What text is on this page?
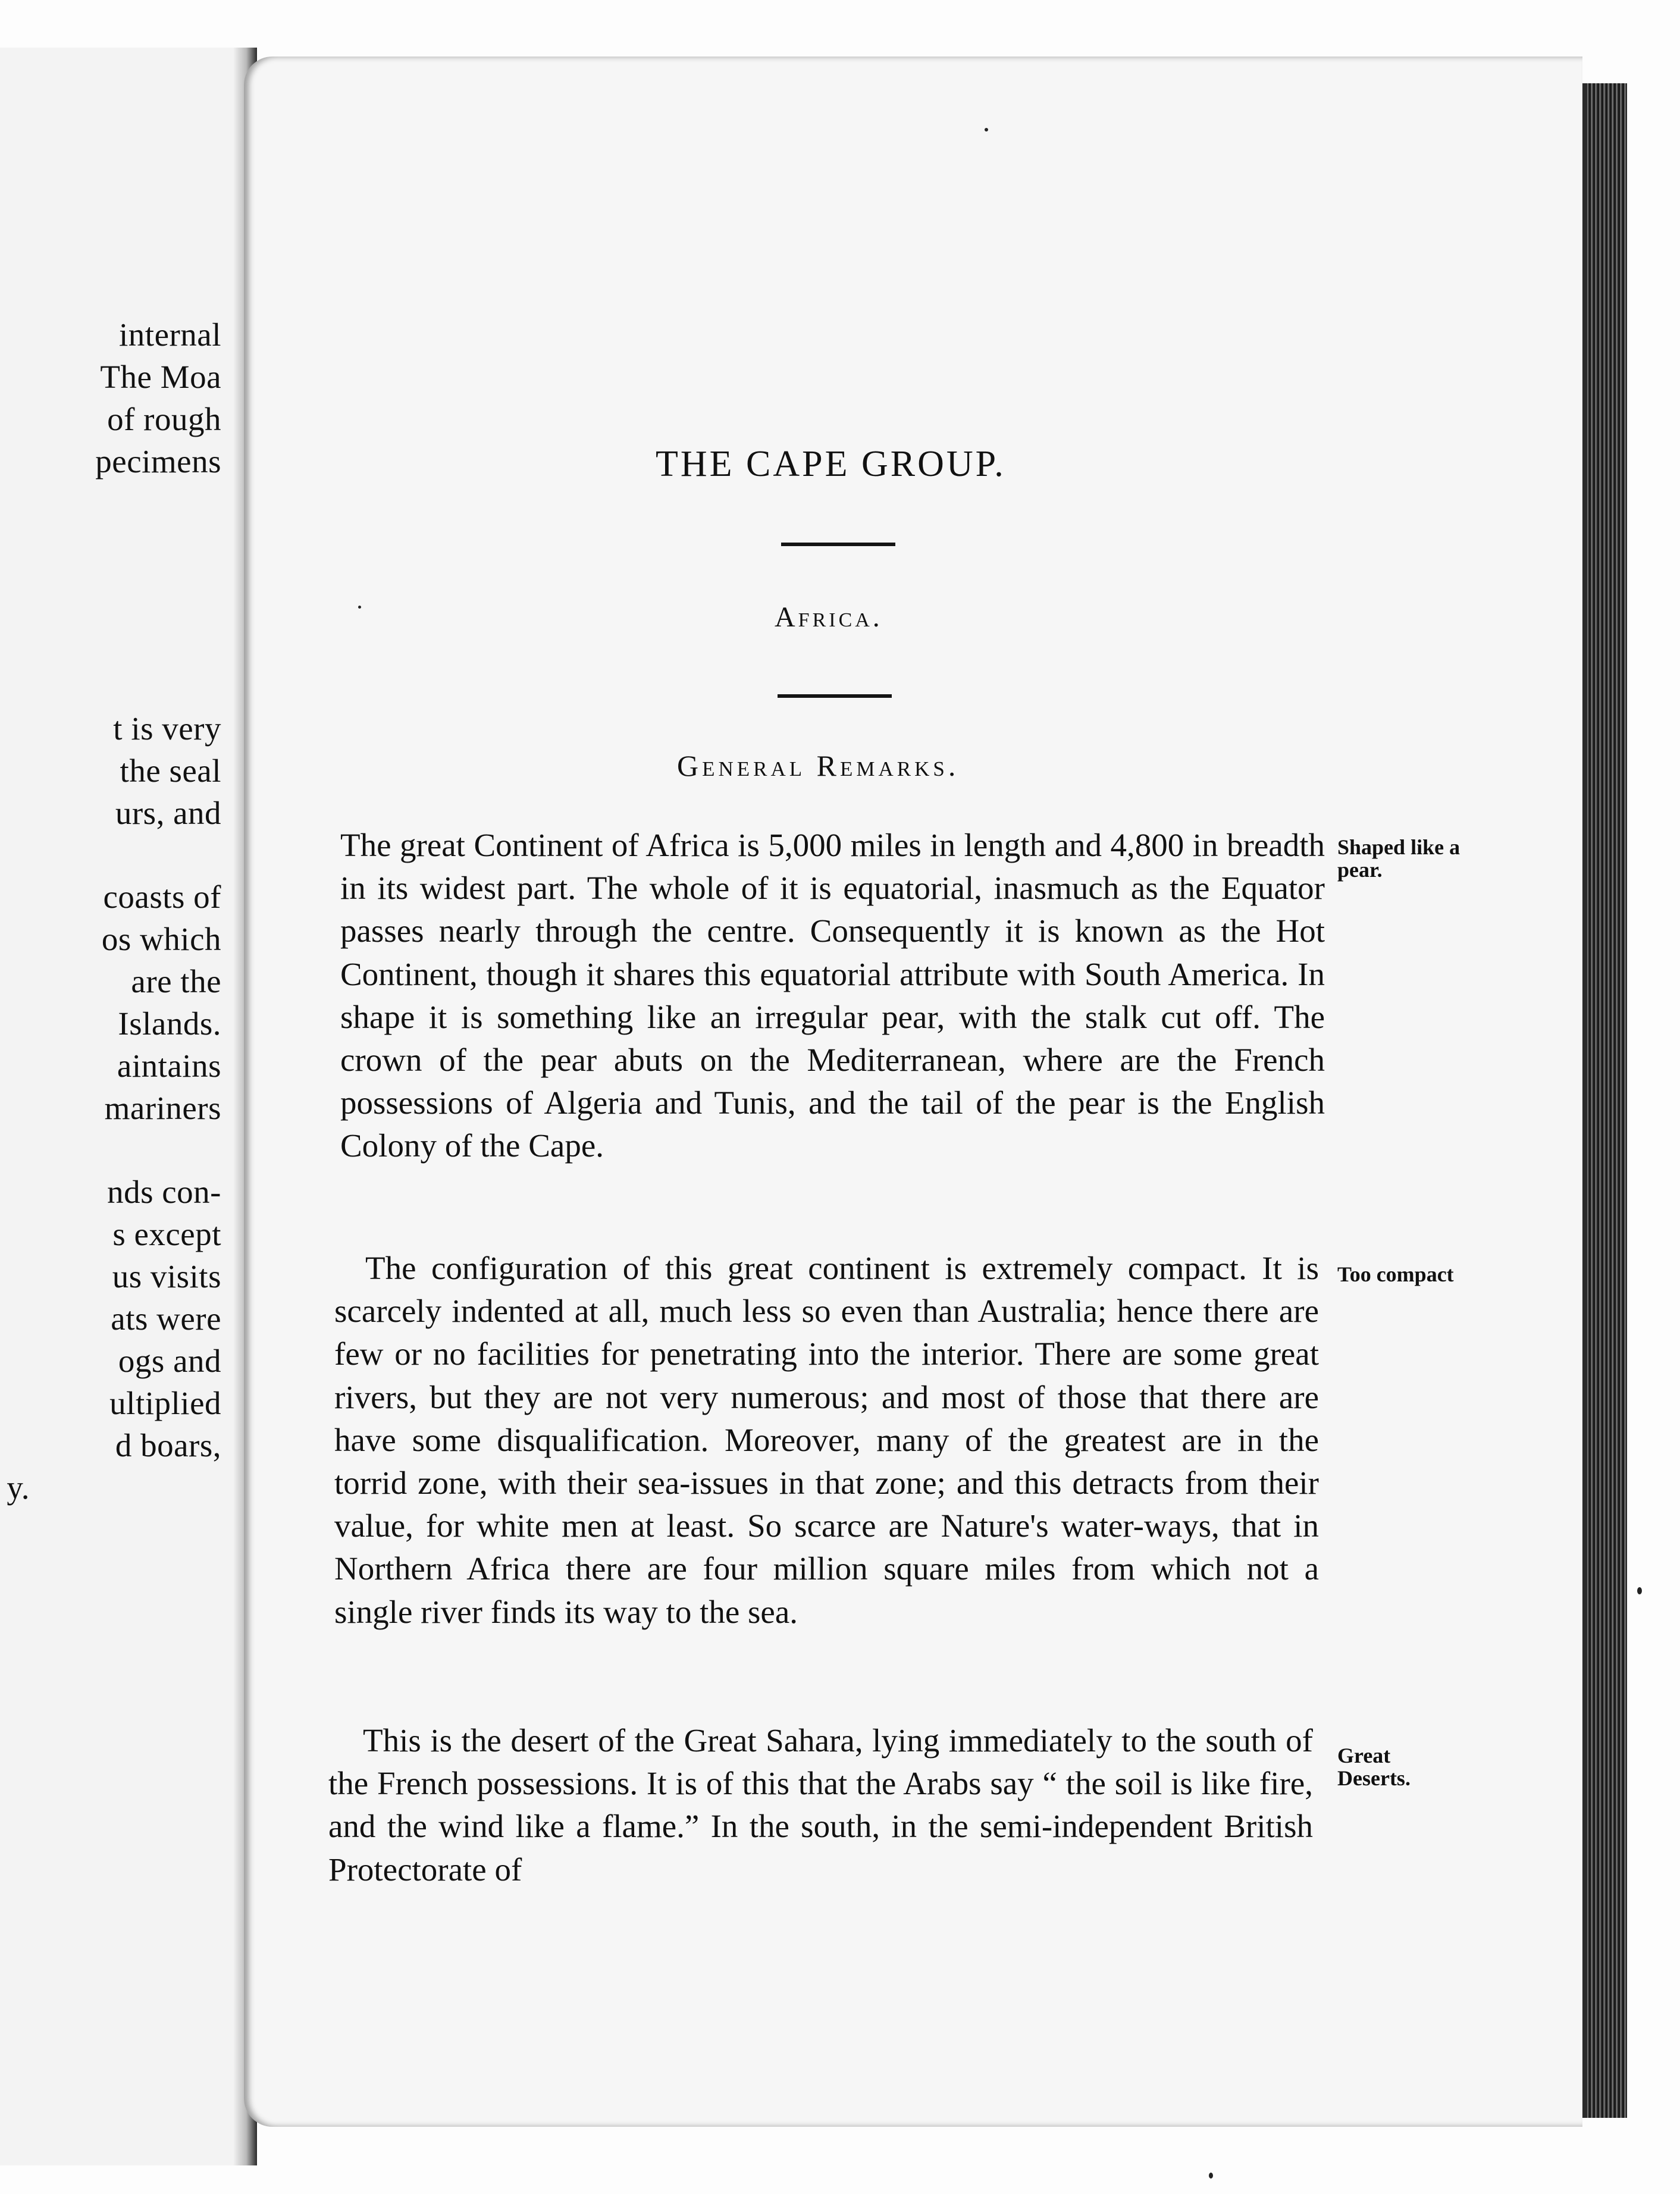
internal
The Moa
of rough
pecimens
t is very
the seal
urs, and
coasts of
os which
are the
Islands.
aintains
mariners
nds con-
s except
us visits
ats were
ogs and
ultiplied
d boars,
y.
THE CAPE GROUP.
Africa.
General Remarks.
The great Continent of Africa is 5,000 miles in length and 4,800 in breadth in its widest part. The whole of it is equatorial, inasmuch as the Equator passes nearly through the centre. Consequently it is known as the Hot Continent, though it shares this equatorial attribute with South America. In shape it is something like an irregular pear, with the stalk cut off. The crown of the pear abuts on the Mediterranean, where are the French possessions of Algeria and Tunis, and the tail of the pear is the English Colony of the Cape.
The configuration of this great continent is extremely compact. It is scarcely indented at all, much less so even than Australia; hence there are few or no facilities for penetrating into the interior. There are some great rivers, but they are not very numerous; and most of those that there are have some disqualification. Moreover, many of the greatest are in the torrid zone, with their sea-issues in that zone; and this detracts from their value, for white men at least. So scarce are Nature's water-ways, that in Northern Africa there are four million square miles from which not a single river finds its way to the sea.
This is the desert of the Great Sahara, lying immediately to the south of the French possessions. It is of this that the Arabs say “ the soil is like fire, and the wind like a flame.” In the south, in the semi-independent British Protectorate of
Shaped like a pear.
Too compact
Great Deserts.
